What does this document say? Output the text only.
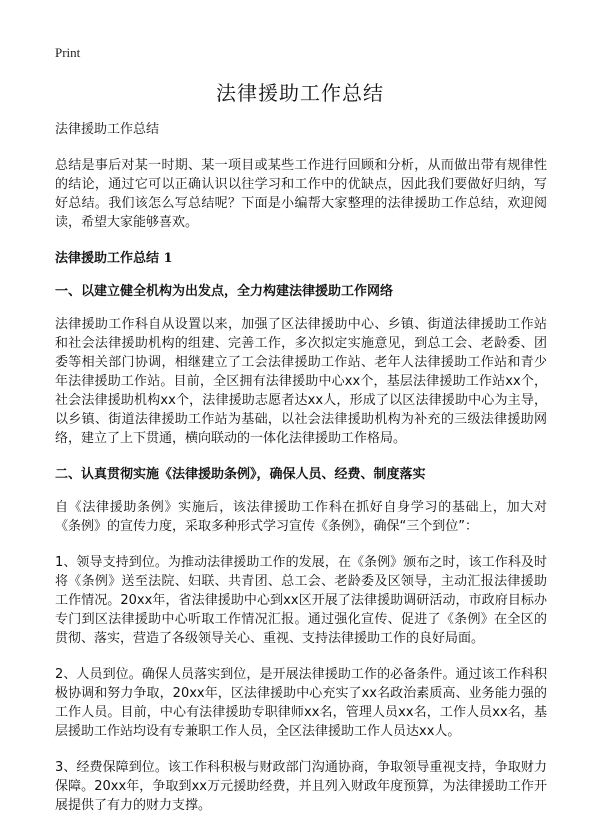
Print
法律援助工作总结
法律援助工作总结
总结是事后对某一时期、某一项目或某些工作进行回顾和分析，从而做出带有规律性的结论，通过它可以正确认识以往学习和工作中的优缺点，因此我们要做好归纳，写好总结。我们该怎么写总结呢？下面是小编帮大家整理的法律援助工作总结，欢迎阅读，希望大家能够喜欢。
法律援助工作总结 1
一、以建立健全机构为出发点，全力构建法律援助工作网络
法律援助工作科自从设置以来，加强了区法律援助中心、乡镇、街道法律援助工作站和社会法律援助机构的组建、完善工作，多次拟定实施意见，到总工会、老龄委、团委等相关部门协调，相继建立了工会法律援助工作站、老年人法律援助工作站和青少年法律援助工作站。目前，全区拥有法律援助中心xx个，基层法律援助工作站xx个，社会法律援助机构xx个，法律援助志愿者达xx人，形成了以区法律援助中心为主导，以乡镇、街道法律援助工作站为基础，以社会法律援助机构为补充的三级法律援助网络，建立了上下贯通，横向联动的一体化法律援助工作格局。
二、认真贯彻实施《法律援助条例》，确保人员、经费、制度落实
自《法律援助条例》实施后，该法律援助工作科在抓好自身学习的基础上，加大对《条例》的宣传力度，采取多种形式学习宣传《条例》，确保“三个到位”：
1、领导支持到位。为推动法律援助工作的发展，在《条例》颁布之时，该工作科及时将《条例》送至法院、妇联、共青团、总工会、老龄委及区领导，主动汇报法律援助工作情况。20xx年，省法律援助中心到xx区开展了法律援助调研活动，市政府目标办专门到区法律援助中心听取工作情况汇报。通过强化宣传、促进了《条例》在全区的贯彻、落实，营造了各级领导关心、重视、支持法律援助工作的良好局面。
2、人员到位。确保人员落实到位，是开展法律援助工作的必备条件。通过该工作科积极协调和努力争取，20xx年，区法律援助中心充实了xx名政治素质高、业务能力强的工作人员。目前，中心有法律援助专职律师xx名，管理人员xx名，工作人员xx名，基层援助工作站均设有专兼职工作人员，全区法律援助工作人员达xx人。
3、经费保障到位。该工作科积极与财政部门沟通协商，争取领导重视支持，争取财力保障。20xx年，争取到xx万元援助经费，并且列入财政年度预算，为法律援助工作开展提供了有力的财力支撑。
